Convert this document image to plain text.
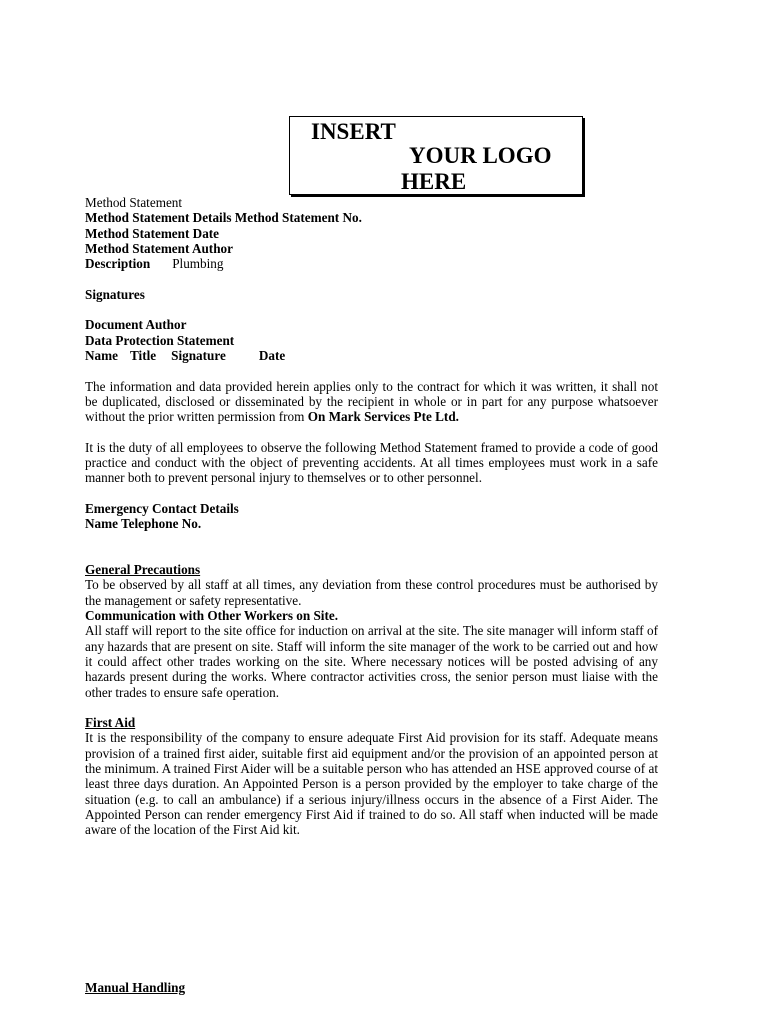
INSERT
YOUR LOGO
HERE
Method Statement
Method Statement Details Method Statement No.
Method Statement Date
Method Statement Author
Description Plumbing
Signatures
Document Author
Data Protection Statement
Name Title Signature	Date
The information and data provided herein applies only to the contract for which it was written, it shall not be duplicated, disclosed or disseminated by the recipient in whole or in part for any purpose whatsoever without the prior written permission from On Mark Services Pte Ltd.
It is the duty of all employees to observe the following Method Statement framed to provide a code of good practice and conduct with the object of preventing accidents. At all times employees must work in a safe manner both to prevent personal injury to themselves or to other personnel.
Emergency Contact Details
Name Telephone No.
General Precautions
To be observed by all staff at all times, any deviation from these control procedures must be authorised by the management or safety representative.
Communication with Other Workers on Site.
All staff will report to the site office for induction on arrival at the site. The site manager will inform staff of any hazards that are present on site. Staff will inform the site manager of the work to be carried out and how it could affect other trades working on the site. Where necessary notices will be posted advising of any hazards present during the works. Where contractor activities cross, the senior person must liaise with the other trades to ensure safe operation.
First Aid
It is the responsibility of the company to ensure adequate First Aid provision for its staff. Adequate means provision of a trained first aider, suitable first aid equipment and/or the provision of an appointed person at the minimum. A trained First Aider will be a suitable person who has attended an HSE approved course of at least three days duration. An Appointed Person is a person provided by the employer to take charge of the situation (e.g. to call an ambulance) if a serious injury/illness occurs in the absence of a First Aider. The Appointed Person can render emergency First Aid if trained to do so. All staff when inducted will be made aware of the location of the First Aid kit.
Manual Handling
